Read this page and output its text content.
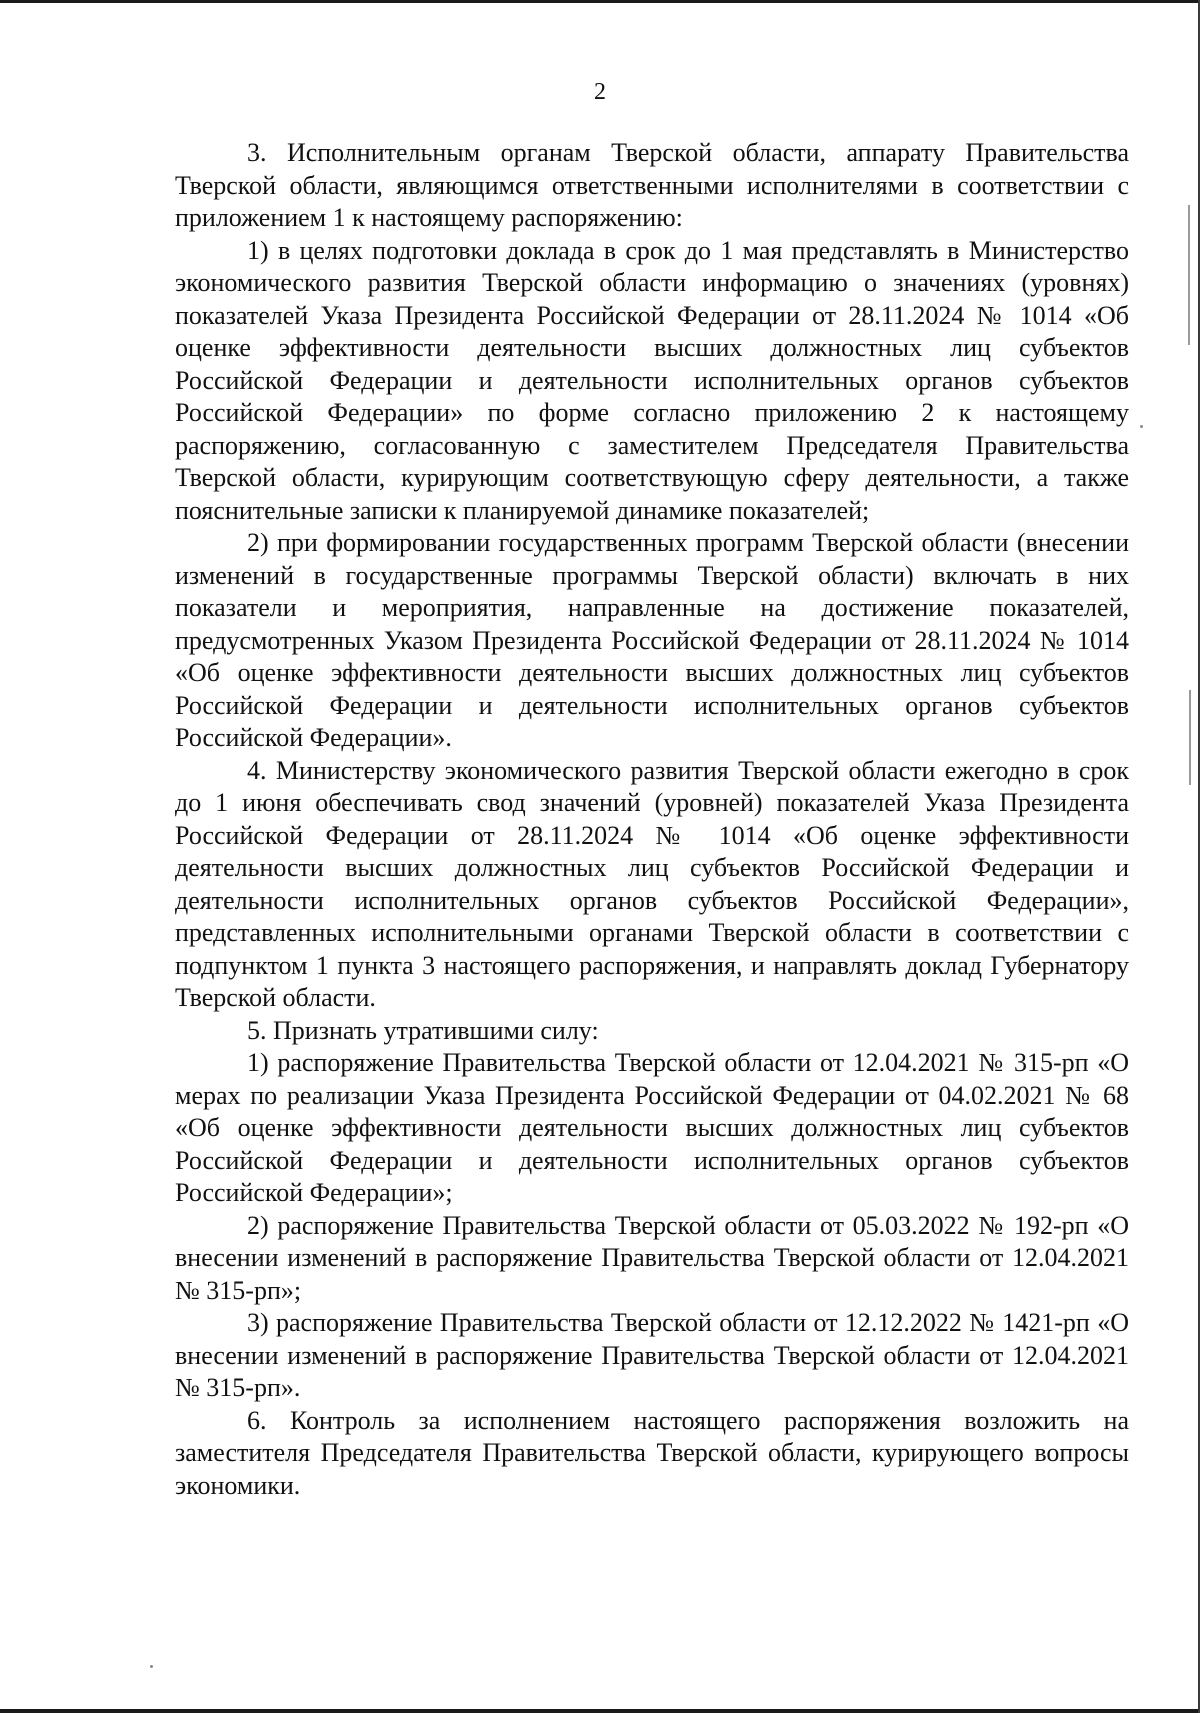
2

3. Исполнительным органам Тверской области, аппарату Правительства Тверской области, являющимся ответственными исполнителями в соответствии с приложением 1 к настоящему распоряжению:

1) в целях подготовки доклада в срок до 1 мая представлять в Министерство экономического развития Тверской области информацию о значениях (уровнях) показателей Указа Президента Российской Федерации от 28.11.2024 № 1014 «Об оценке эффективности деятельности высших должностных лиц субъектов Российской Федерации и деятельности исполнительных органов субъектов Российской Федерации» по форме согласно приложению 2 к настоящему распоряжению, согласованную с заместителем Председателя Правительства Тверской области, курирующим соответствующую сферу деятельности, а также пояснительные записки к планируемой динамике показателей;

2) при формировании государственных программ Тверской области (внесении изменений в государственные программы Тверской области) включать в них показатели и мероприятия, направленные на достижение показателей, предусмотренных Указом Президента Российской Федерации от 28.11.2024 № 1014 «Об оценке эффективности деятельности высших должностных лиц субъектов Российской Федерации и деятельности исполнительных органов субъектов Российской Федерации».

4. Министерству экономического развития Тверской области ежегодно в срок до 1 июня обеспечивать свод значений (уровней) показателей Указа Президента Российской Федерации от 28.11.2024 № 1014 «Об оценке эффективности деятельности высших должностных лиц субъектов Российской Федерации и деятельности исполнительных органов субъектов Российской Федерации», представленных исполнительными органами Тверской области в соответствии с подпунктом 1 пункта 3 настоящего распоряжения, и направлять доклад Губернатору Тверской области.

5. Признать утратившими силу:

1) распоряжение Правительства Тверской области от 12.04.2021 № 315-рп «О мерах по реализации Указа Президента Российской Федерации от 04.02.2021 № 68 «Об оценке эффективности деятельности высших должностных лиц субъектов Российской Федерации и деятельности исполнительных органов субъектов Российской Федерации»;

2) распоряжение Правительства Тверской области от 05.03.2022 № 192-рп «О внесении изменений в распоряжение Правительства Тверской области от 12.04.2021 № 315-рп»;

3) распоряжение Правительства Тверской области от 12.12.2022 № 1421-рп «О внесении изменений в распоряжение Правительства Тверской области от 12.04.2021 № 315-рп».

6. Контроль за исполнением настоящего распоряжения возложить на заместителя Председателя Правительства Тверской области, курирующего вопросы экономики.
